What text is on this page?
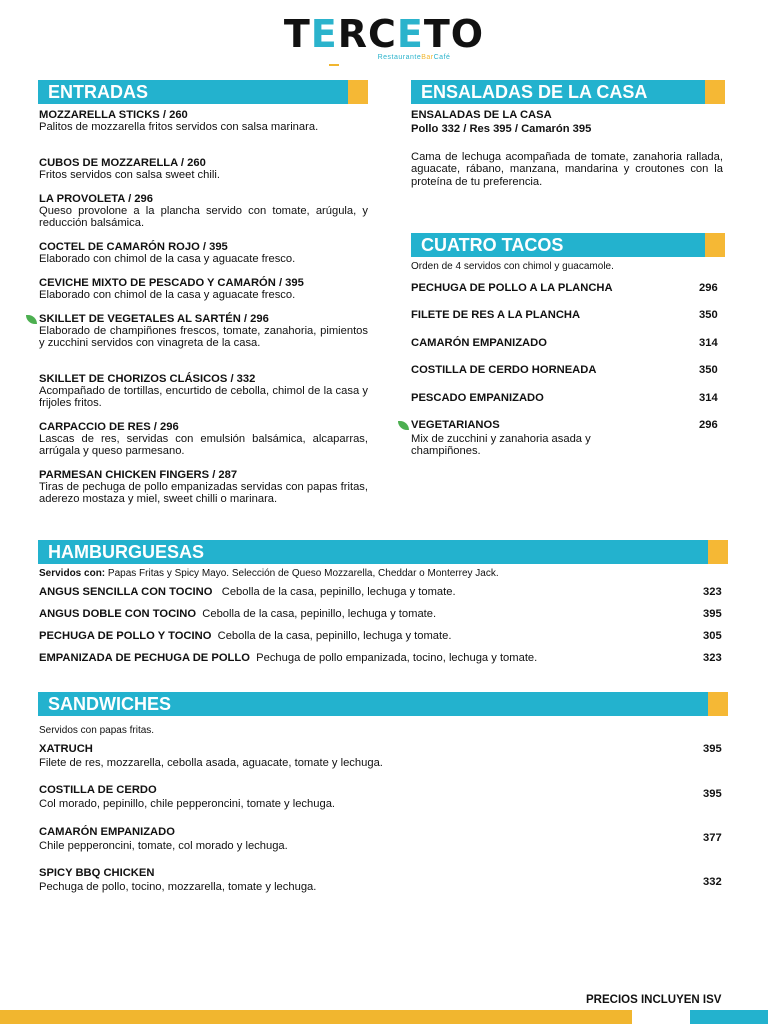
TERCETO
RestauranteBarCafé
ENTRADAS
MOZZARELLA STICKS / 260
Palitos de mozzarella fritos servidos con salsa marinara.
CUBOS DE MOZZARELLA / 260
Fritos servidos con salsa sweet chili.
LA PROVOLETA / 296
Queso provolone a la plancha servido con tomate, arúgula, y reducción balsámica.
COCTEL DE CAMARÓN ROJO / 395
Elaborado con chimol de la casa y aguacate fresco.
CEVICHE MIXTO DE PESCADO Y CAMARÓN / 395
Elaborado con chimol de la casa y aguacate fresco.
SKILLET DE VEGETALES AL SARTÉN / 296
Elaborado de champiñones frescos, tomate, zanahoria, pimientos y zucchini servidos con vinagreta de la casa.
SKILLET DE CHORIZOS CLÁSICOS / 332
Acompañado de tortillas, encurtido de cebolla, chimol de la casa y frijoles fritos.
CARPACCIO DE RES / 296
Lascas de res, servidas con emulsión balsámica, alcaparras, arrúgala y queso parmesano.
PARMESAN CHICKEN FINGERS / 287
Tiras de pechuga de pollo empanizadas servidas con papas fritas, aderezo mostaza y miel, sweet chilli o marinara.
ENSALADAS DE LA CASA
ENSALADAS DE LA CASA
Pollo 332 / Res 395 / Camarón 395
Cama de lechuga acompañada de tomate, zanahoria rallada, aguacate, rábano, manzana, mandarina y croutones con la proteína de tu preferencia.
CUATRO TACOS
Orden de 4 servidos con chimol y guacamole.
PECHUGA DE POLLO A LA PLANCHA	296
FILETE DE RES A LA PLANCHA	350
CAMARÓN EMPANIZADO	314
COSTILLA DE CERDO HORNEADA	350
PESCADO EMPANIZADO	314
VEGETARIANOS	296
Mix de zucchini y zanahoria asada y champiñones.
HAMBURGUESAS
Servidos con: Papas Fritas y Spicy Mayo. Selección de Queso Mozzarella, Cheddar o Monterrey Jack.
ANGUS SENCILLA CON TOCINO Cebolla de la casa, pepinillo, lechuga y tomate.	323
ANGUS DOBLE CON TOCINO Cebolla de la casa, pepinillo, lechuga y tomate.	395
PECHUGA DE POLLO Y TOCINO Cebolla de la casa, pepinillo, lechuga y tomate.	305
EMPANIZADA DE PECHUGA DE POLLO Pechuga de pollo empanizada, tocino, lechuga y tomate.	323
SANDWICHES
Servidos con papas fritas.
XATRUCH
Filete de res, mozzarella, cebolla asada, aguacate, tomate y lechuga.
395
COSTILLA DE CERDO
Col morado, pepinillo, chile pepperoncini, tomate y lechuga.
395
CAMARÓN EMPANIZADO
Chile pepperoncini, tomate, col morado y lechuga.
377
SPICY BBQ CHICKEN
Pechuga de pollo, tocino, mozzarella, tomate y lechuga.	332
PRECIOS INCLUYEN ISV
